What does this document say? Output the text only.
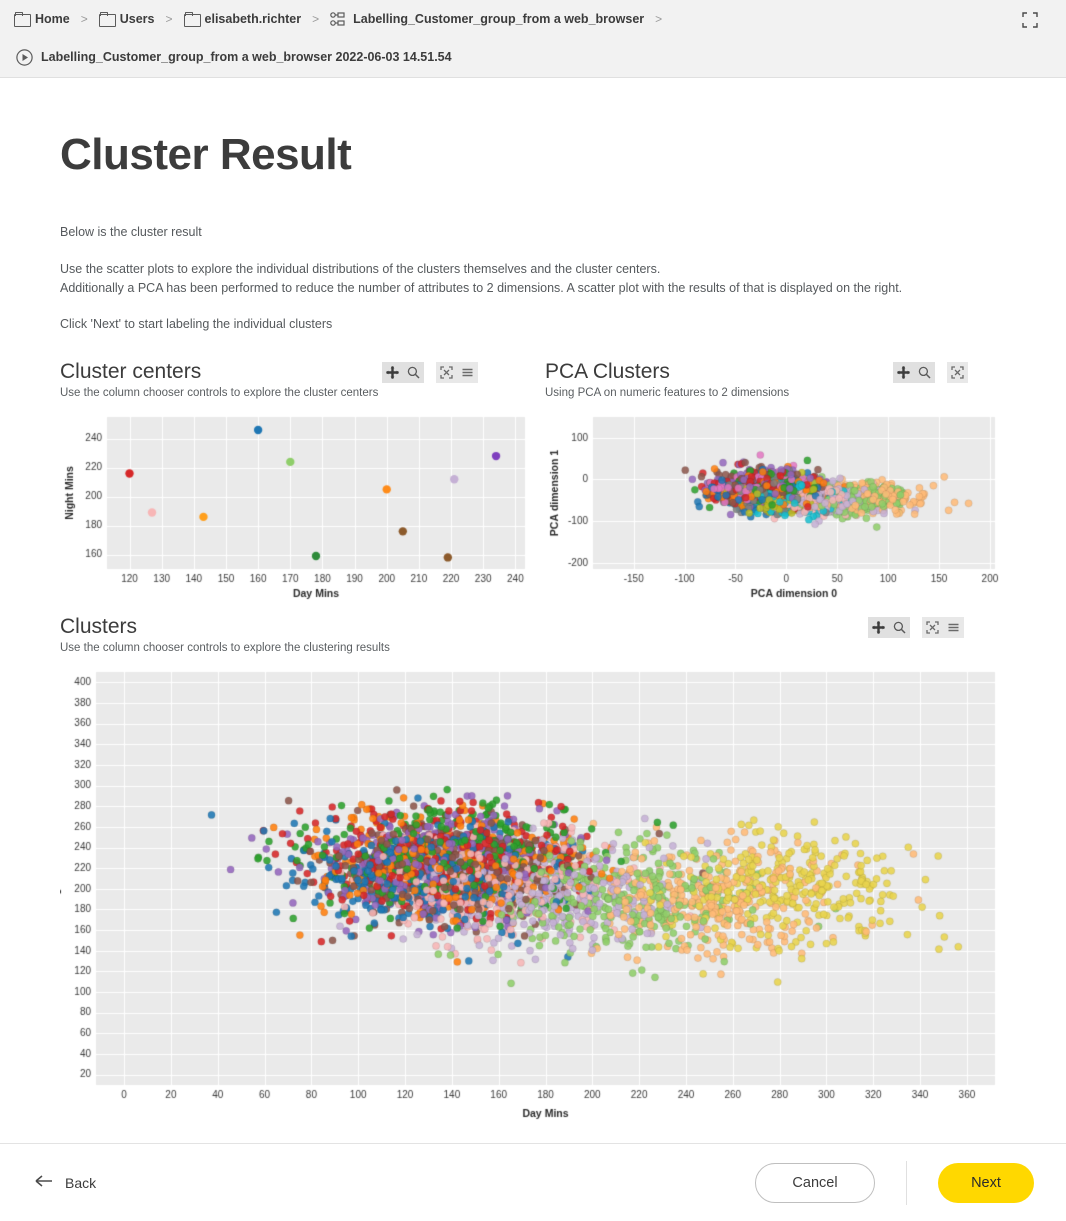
Home >	Users >	elisabeth.richter >	Labelling_Customer_group_from a web_browser >
Labelling_Customer_group_from a web_browser 2022-06-03 14.51.54
Cluster Result
Below is the cluster result
Use the scatter plots to explore the individual distributions of the clusters themselves and the cluster centers.
Additionally a PCA has been performed to reduce the number of attributes to 2 dimensions. A scatter plot with the results of that is displayed on the right.
Click 'Next' to start labeling the individual clusters
Cluster centers
Use the column chooser controls to explore the cluster centers
PCA Clusters
Using PCA on numeric features to 2 dimensions
Clusters
Use the column chooser controls to explore the clustering results
Back	Cancel	Next
